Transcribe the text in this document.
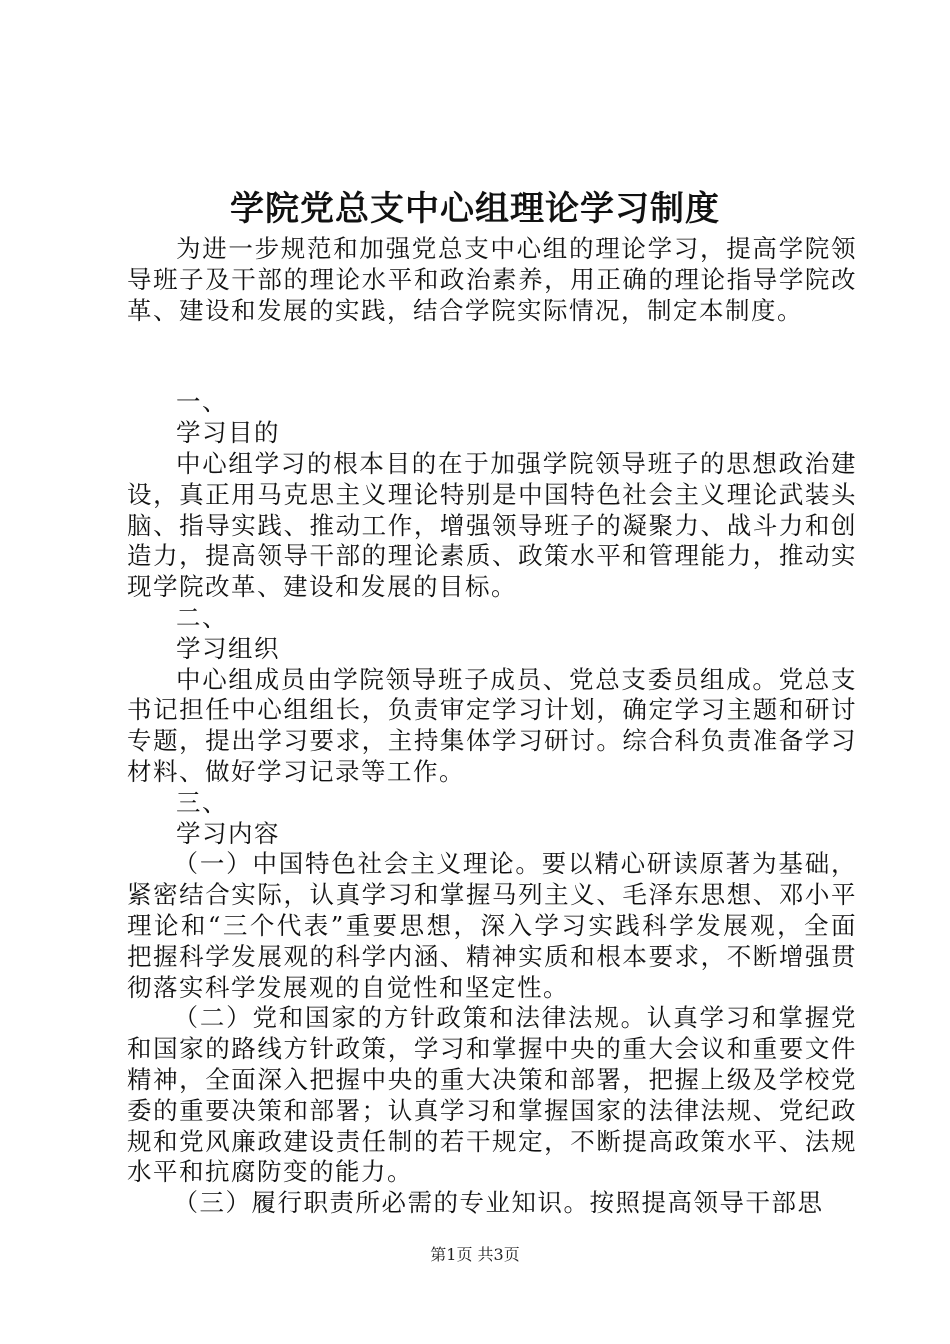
学院党总支中心组理论学习制度

为进一步规范和加强党总支中心组的理论学习，提高学院领导班子及干部的理论水平和政治素养，用正确的理论指导学院改革、建设和发展的实践，结合学院实际情况，制定本制度。

一、

学习目的

中心组学习的根本目的在于加强学院领导班子的思想政治建设，真正用马克思主义理论特别是中国特色社会主义理论武装头脑、指导实践、推动工作，增强领导班子的凝聚力、战斗力和创造力，提高领导干部的理论素质、政策水平和管理能力，推动实现学院改革、建设和发展的目标。

二、

学习组织

中心组成员由学院领导班子成员、党总支委员组成。党总支书记担任中心组组长，负责审定学习计划，确定学习主题和研讨专题，提出学习要求，主持集体学习研讨。综合科负责准备学习材料、做好学习记录等工作。

三、

学习内容

（一）中国特色社会主义理论。要以精心研读原著为基础，紧密结合实际，认真学习和掌握马列主义、毛泽东思想、邓小平理论和“三个代表”重要思想，深入学习实践科学发展观，全面把握科学发展观的科学内涵、精神实质和根本要求，不断增强贯彻落实科学发展观的自觉性和坚定性。

（二）党和国家的方针政策和法律法规。认真学习和掌握党和国家的路线方针政策，学习和掌握中央的重大会议和重要文件精神，全面深入把握中央的重大决策和部署，把握上级及学校党委的重要决策和部署；认真学习和掌握国家的法律法规、党纪政规和党风廉政建设责任制的若干规定，不断提高政策水平、法规水平和抗腐防变的能力。

（三）履行职责所必需的专业知识。按照提高领导干部思

第1页 共3页
